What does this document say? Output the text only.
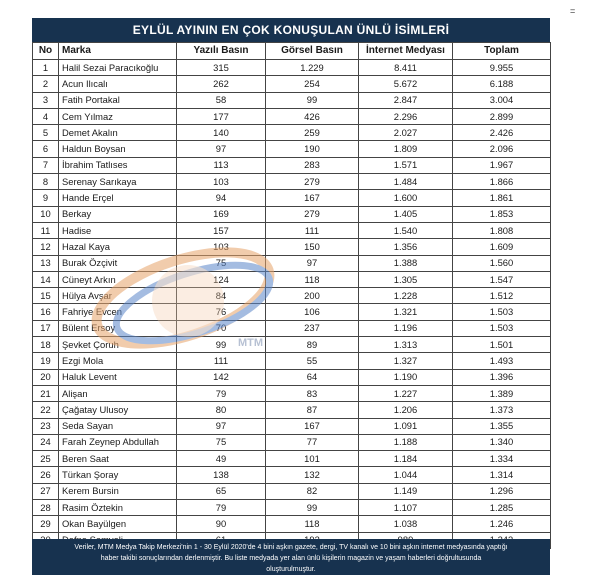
=
EYLÜL AYININ EN ÇOK KONUŞULAN ÜNLÜ İSİMLERİ
No	Marka	Yazılı Basın	Görsel Basın	İnternet Medyası	Toplam
1	Halil Sezai Paracıkoğlu	315	1.229	8.411	9.955
2	Acun Ilıcalı	262	254	5.672	6.188
3	Fatih Portakal	58	99	2.847	3.004
4	Cem Yılmaz	177	426	2.296	2.899
5	Demet Akalın	140	259	2.027	2.426
6	Haldun Boysan	97	190	1.809	2.096
7	İbrahim Tatlıses	113	283	1.571	1.967
8	Serenay Sarıkaya	103	279	1.484	1.866
9	Hande Erçel	94	167	1.600	1.861
10	Berkay	169	279	1.405	1.853
11	Hadise	157	111	1.540	1.808
12	Hazal Kaya	103	150	1.356	1.609
13	Burak Özçivit	75	97	1.388	1.560
14	Cüneyt Arkın	124	118	1.305	1.547
15	Hülya Avşar	84	200	1.228	1.512
16	Fahriye Evcen	76	106	1.321	1.503
17	Bülent Ersoy	70	237	1.196	1.503
18	Şevket Çoruh	99	89	1.313	1.501
19	Ezgi Mola	111	55	1.327	1.493
20	Haluk Levent	142	64	1.190	1.396
21	Alişan	79	83	1.227	1.389
22	Çağatay Ulusoy	80	87	1.206	1.373
23	Seda Sayan	97	167	1.091	1.355
24	Farah Zeynep Abdullah	75	77	1.188	1.340
25	Beren Saat	49	101	1.184	1.334
26	Türkan Şoray	138	132	1.044	1.314
27	Kerem Bursin	65	82	1.149	1.296
28	Rasim Öztekin	79	99	1.107	1.285
29	Okan Bayülgen	90	118	1.038	1.246

MTM
Veriler, MTM Medya Takip Merkezi'nin 1 - 30 Eylül 2020'de 4 bini aşkın gazete, dergi, TV kanalı ve 10 bini aşkın internet medyasında yaptığı
haber takibi sonuçlarından derlenmiştir. Bu liste medyada yer alan ünlü kişilerin magazin ve yaşam haberleri doğrultusunda
oluşturulmuştur.
